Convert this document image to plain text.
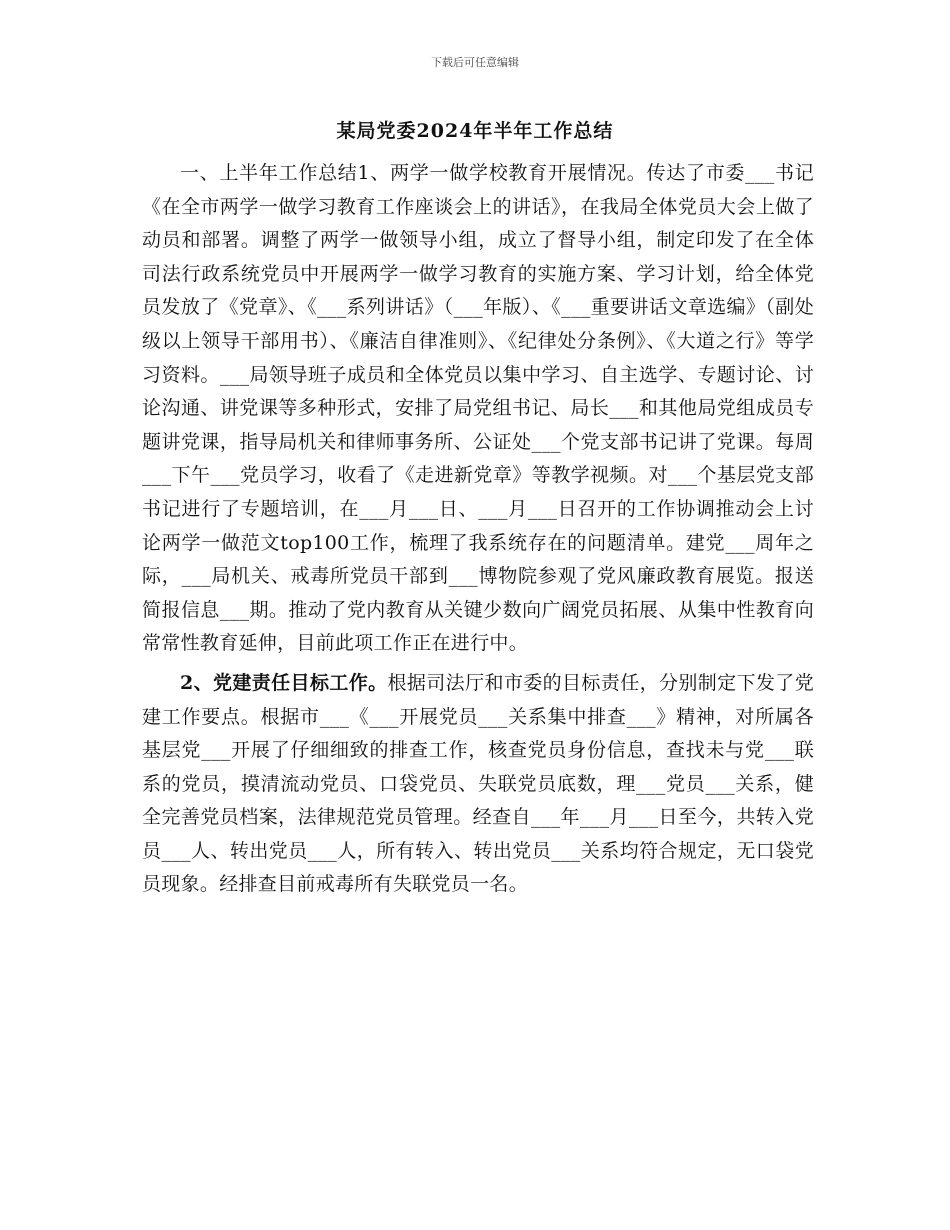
下载后可任意编辑
某局党委2024年半年工作总结

一、上半年工作总结1、两学一做学校教育开展情况。传达了市委___书记《在全市两学一做学习教育工作座谈会上的讲话》，在我局全体党员大会上做了动员和部署。调整了两学一做领导小组，成立了督导小组，制定印发了在全体司法行政系统党员中开展两学一做学习教育的实施方案、学习计划，给全体党员发放了《党章》、《___系列讲话》（___年版）、《___重要讲话文章选编》（副处级以上领导干部用书）、《廉洁自律准则》、《纪律处分条例》、《大道之行》等学习资料。___局领导班子成员和全体党员以集中学习、自主选学、专题讨论、讨论沟通、讲党课等多种形式，安排了局党组书记、局长___和其他局党组成员专题讲党课，指导局机关和律师事务所、公证处___个党支部书记讲了党课。每周___下午___党员学习，收看了《走进新党章》等教学视频。对___个基层党支部书记进行了专题培训，在___月___日、___月___日召开的工作协调推动会上讨论两学一做范文top100工作，梳理了我系统存在的问题清单。建党___周年之际，___局机关、戒毒所党员干部到___博物院参观了党风廉政教育展览。报送简报信息___期。推动了党内教育从关键少数向广阔党员拓展、从集中性教育向常常性教育延伸，目前此项工作正在进行中。

2、党建责任目标工作。根据司法厅和市委的目标责任，分别制定下发了党建工作要点。根据市___《___开展党员___关系集中排查___》精神，对所属各基层党___开展了仔细细致的排查工作，核查党员身份信息，查找未与党___联系的党员，摸清流动党员、口袋党员、失联党员底数，理___党员___关系，健全完善党员档案，法律规范党员管理。经查自___年___月___日至今，共转入党员___人、转出党员___人，所有转入、转出党员___关系均符合规定，无口袋党员现象。经排查目前戒毒所有失联党员一名。
